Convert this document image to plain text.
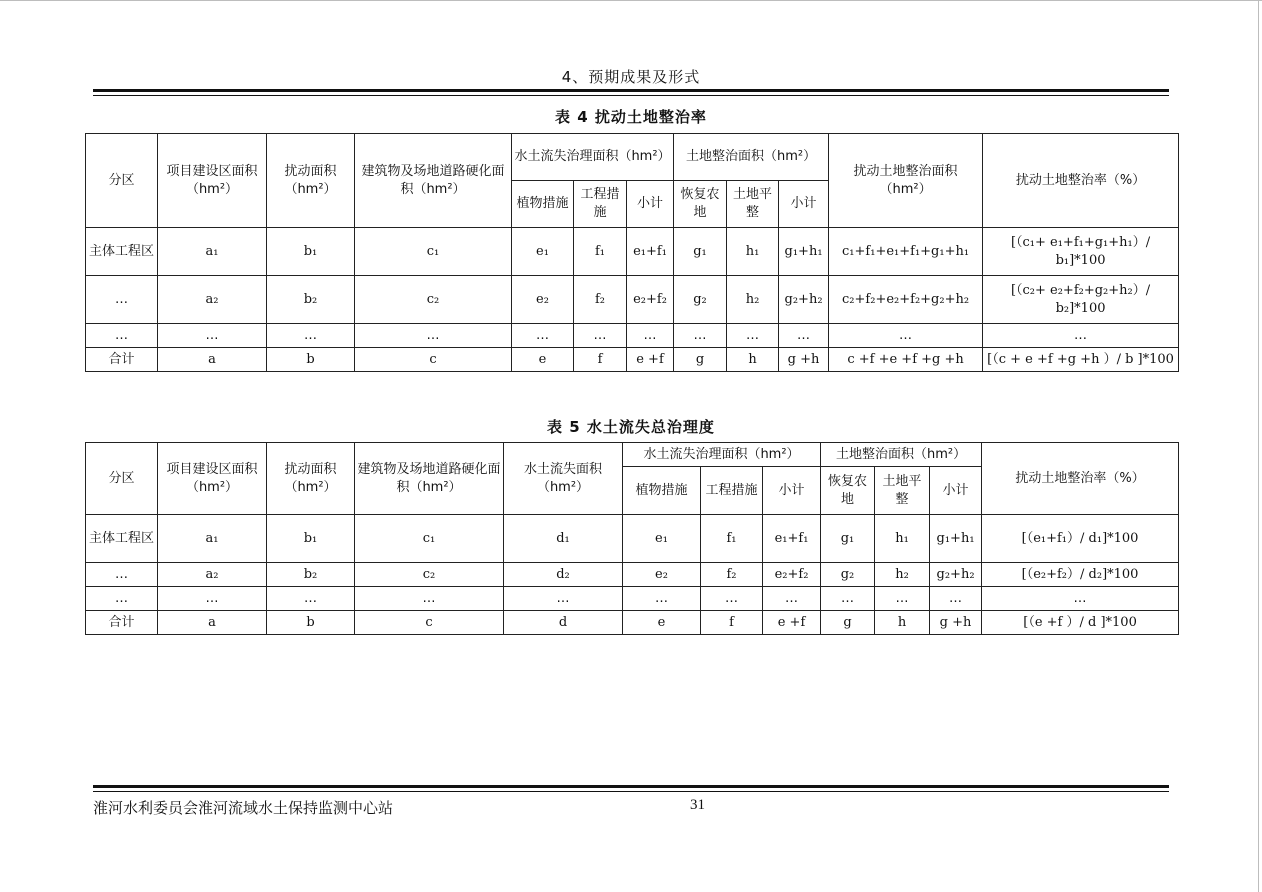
4、预期成果及形式
表 4 扰动土地整治率
分区	项目建设区面积（hm²）	扰动面积（hm²）	建筑物及场地道路硬化面积（hm²）	水土流失治理面积（hm²）			土地整治面积（hm²）			扰动土地整治面积（hm²）	扰动土地整治率（%）
				植物措施	工程措施	小计	恢复农地	土地平整	小计		
主体工程区	a₁	b₁	c₁	e₁	f₁	e₁+f₁	g₁	h₁	g₁+h₁	c₁+f₁+e₁+f₁+g₁+h₁	[（c₁+ e₁+f₁+g₁+h₁）/ b₁]*100
…	a₂	b₂	c₂	e₂	f₂	e₂+f₂	g₂	h₂	g₂+h₂	c₂+f₂+e₂+f₂+g₂+h₂	[（c₂+ e₂+f₂+g₂+h₂）/ b₂]*100
…	…	…	…	…	…	…	…	…	…	…	…
合计	a	b	c	e	f	e +f	g	h	g +h	c +f +e +f +g +h	[（c + e +f +g +h ）/ b ]*100
表 5 水土流失总治理度
分区	项目建设区面积（hm²）	扰动面积（hm²）	建筑物及场地道路硬化面积（hm²）	水土流失面积（hm²）	水土流失治理面积（hm²）			土地整治面积（hm²）			扰动土地整治率（%）
					植物措施	工程措施	小计	恢复农地	土地平整	小计	
主体工程区	a₁	b₁	c₁	d₁	e₁	f₁	e₁+f₁	g₁	h₁	g₁+h₁	[（e₁+f₁）/ d₁]*100
…	a₂	b₂	c₂	d₂	e₂	f₂	e₂+f₂	g₂	h₂	g₂+h₂	[（e₂+f₂）/ d₂]*100
…	…	…	…	…	…	…	…	…	…	…	…
合计	a	b	c	d	e	f	e +f	g	h	g +h	[（e +f ）/ d ]*100
淮河水利委员会淮河流域水土保持监测中心站	31
